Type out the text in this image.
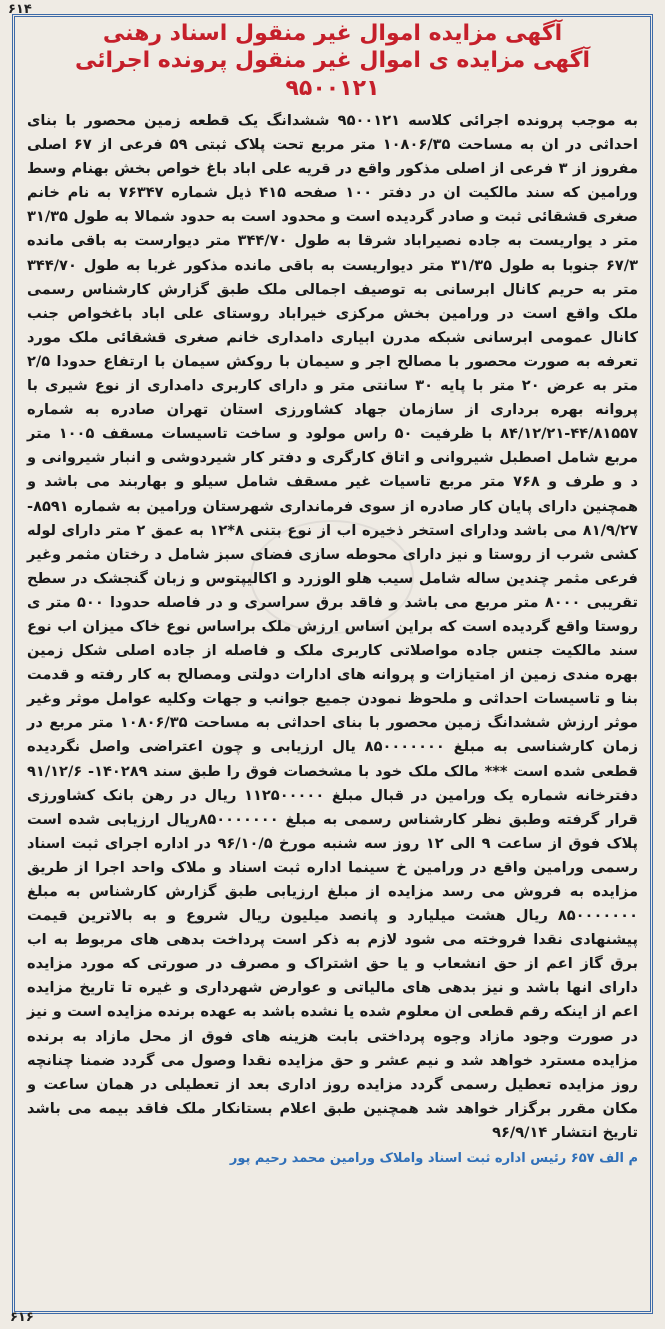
۶۱۴
آگهی مزایده اموال غیر منقول اسناد رهنی
آگهی مزایده ی اموال غیر منقول پرونده اجرائی ۹۵۰۰۱۲۱

به موجب پرونده اجرائی کلاسه ۹۵۰۰۱۲۱ ششدانگ یک قطعه زمین محصور با بنای احداثی در ان به مساحت ۱۰۸۰۶/۳۵ متر مربع تحت پلاک ثبتی ۵۹ فرعی از ۶۷ اصلی مفروز از ۳ فرعی از اصلی مذکور واقع در قریه علی اباد باغ خواص بخش بهنام وسط ورامین که سند مالکیت ان در دفتر ۱۰۰ صفحه ۴۱۵ ذیل شماره ۷۶۳۴۷ به نام خانم صغری قشقائی ثبت و صادر گردیده است و محدود است به حدود شمالا به طول ۳۱/۳۵ متر د یواریست به جاده نصیراباد شرقا به طول ۳۴۴/۷۰ متر دیوارست به باقی مانده ۶۷/۳ جنوبا به طول ۳۱/۳۵ متر دیواریست به باقی مانده مذکور غربا به طول ۳۴۴/۷۰ متر به حریم کانال ابرسانی به توصیف اجمالی ملک طبق گزارش کارشناس رسمی ملک واقع است در ورامین بخش مرکزی خیراباد روستای علی اباد باغخواص جنب کانال عمومی ابرسانی شبکه مدرن ابیاری دامداری خانم صغری قشقائی ملک مورد تعرفه به صورت محصور با مصالح اجر و سیمان با روکش سیمان با ارتفاع حدودا ۲/۵ متر به عرض ۲۰ متر با پایه ۳۰ سانتی متر و دارای کاربری دامداری از نوع شیری با پروانه بهره برداری از سازمان جهاد کشاورزی استان تهران صادره به شماره ۴۴/۸۱۵۵۷-۸۴/۱۲/۲۱ با ظرفیت ۵۰ راس مولود و ساخت تاسیسات مسقف ۱۰۰۵ متر مربع شامل اصطبل شیروانی و اتاق کارگری و دفتر کار شیردوشی و انبار شیروانی و د و طرف و ۷۶۸ متر مربع تاسیات غیر مسقف شامل سیلو و بهاربند می باشد و همچنین دارای پایان کار صادره از سوی فرمانداری شهرستان ورامین به شماره ۸۵۹۱- ۸۱/۹/۲۷ می باشد ودارای استخر ذخیره اب از نوع بتنی ۸*۱۲ به عمق ۲ متر دارای لوله کشی شرب از روستا و نیز دارای محوطه سازی فضای سبز شامل د رختان مثمر وغیر فرعی مثمر چندین ساله شامل سیب هلو الوزرد و اکالیپتوس و زبان گنجشک در سطح تقریبی ۸۰۰۰ متر مربع می باشد و فاقد برق سراسری و در فاصله حدودا ۵۰۰ متر ی روستا واقع گردیده است که براین اساس ارزش ملک براساس نوع خاک میزان اب نوع سند مالکیت جنس جاده مواصلاتی کاربری ملک و فاصله از جاده اصلی شکل زمین بهره مندی زمین از امتیازات و پروانه های ادارات دولتی ومصالح به کار رفته و قدمت بنا و تاسیسات احداثی و ملحوظ نمودن جمیع جوانب و جهات وکلیه عوامل موثر وغیر موثر ارزش ششدانگ زمین محصور با بنای احداثی به مساحت ۱۰۸۰۶/۳۵ متر مربع در زمان کارشناسی به مبلغ ۸۵۰۰۰۰۰۰۰ یال ارزیابی و چون اعتراضی واصل نگردیده قطعی شده است *** مالک ملک خود با مشخصات فوق را طبق سند ۱۴۰۲۸۹- ۹۱/۱۲/۶ دفترخانه شماره یک ورامین در قبال مبلغ ۱۱۲۵۰۰۰۰۰ ریال در رهن بانک کشاورزی قرار گرفته وطبق نظر کارشناس رسمی به مبلغ ۸۵۰۰۰۰۰۰۰ریال ارزیابی شده است پلاک فوق از ساعت ۹ الی ۱۲ روز سه شنبه مورخ ۹۶/۱۰/۵ در اداره اجرای ثبت اسناد رسمی ورامین واقع در ورامین خ سینما اداره ثبت اسناد و ملاک واحد اجرا از طریق مزایده به فروش می رسد مزایده از مبلغ ارزیابی طبق گزارش کارشناس به مبلغ ۸۵۰۰۰۰۰۰۰ ریال هشت میلیارد و پانصد میلیون ریال شروع و به بالاترین قیمت پیشنهادی نقدا فروخته می شود لازم به ذکر است پرداخت بدهی های مربوط به اب برق گاز اعم از حق انشعاب و یا حق اشتراک و مصرف در صورتی که مورد مزایده دارای انها باشد و نیز بدهی های مالیاتی و عوارض شهرداری و غیره تا تاریخ مزایده اعم از اینکه رقم قطعی ان معلوم شده یا نشده باشد به عهده برنده مزایده است و نیز در صورت وجود مازاد وجوه پرداختی بابت هزینه های فوق از محل مازاد به برنده مزایده مسترد خواهد شد و نیم عشر و حق مزایده نقدا وصول می گردد ضمنا چنانچه روز مزایده تعطیل رسمی گردد مزایده روز اداری بعد از تعطیلی در همان ساعت و مکان مقرر برگزار خواهد شد همچنین طبق اعلام بستانکار ملک فاقد بیمه می باشد تاریخ انتشار ۹۶/۹/۱۴

م الف ۶۵۷ رئیس اداره ثبت اسناد واملاک ورامین محمد رحیم پور
۶۱۶
